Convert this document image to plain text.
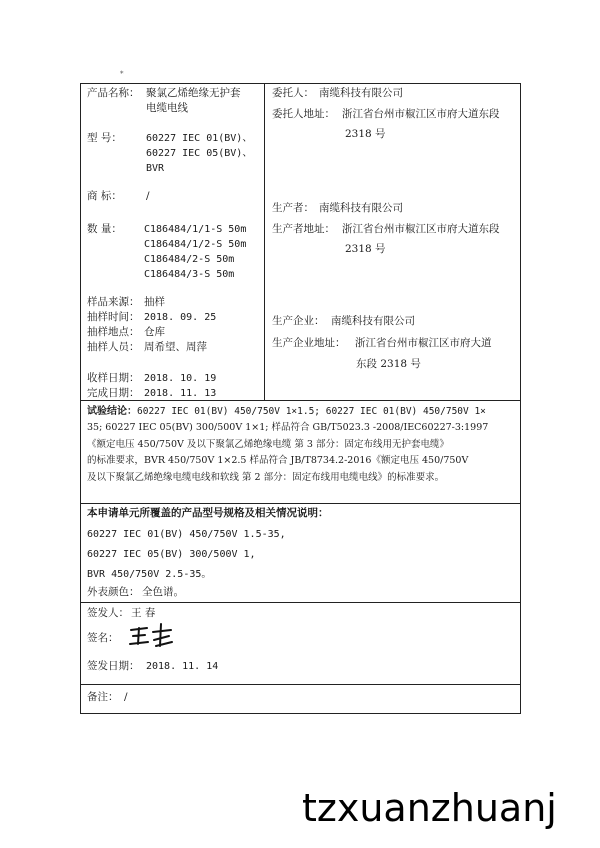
*
产品名称： 聚氯乙烯绝缘无护套
电缆电线
型 号： 60227 IEC 01(BV)、
60227 IEC 05(BV)、
BVR
商 标： /
数 量： C186484/1/1-S 50m
C186484/1/2-S 50m
C186484/2-S 50m
C186484/3-S 50m
样品来源： 抽样
抽样时间： 2018. 09. 25
抽样地点： 仓库
抽样人员： 周希望、周萍
收样日期： 2018. 10. 19
完成日期： 2018. 11. 13
委托人： 南缆科技有限公司
委托人地址： 浙江省台州市椒江区市府大道东段
2318 号
生产者： 南缆科技有限公司
生产者地址： 浙江省台州市椒江区市府大道东段
2318 号
生产企业： 南缆科技有限公司
生产企业地址： 浙江省台州市椒江区市府大道
东段 2318 号
试验结论：60227 IEC 01(BV) 450/750V 1×1.5; 60227 IEC 01(BV) 450/750V 1×
35; 60227 IEC 05(BV) 300/500V 1×1; 样品符合 GB/T5023.3 -2008/IEC60227-3:1997
《额定电压 450/750V 及以下聚氯乙烯绝缘电缆 第 3 部分：固定布线用无护套电缆》
的标准要求，BVR 450/750V 1×2.5 样品符合 JB/T8734.2-2016《额定电压 450/750V
及以下聚氯乙烯绝缘电缆电线和软线 第 2 部分：固定布线用电缆电线》的标准要求。
本申请单元所覆盖的产品型号规格及相关情况说明：
60227 IEC 01(BV) 450/750V 1.5-35,
60227 IEC 05(BV) 300/500V 1,
BVR 450/750V 2.5-35。
外表颜色： 全色谱。
签发人： 王 春
签名：
签发日期： 2018. 11. 14
备注： /
tzxuanzhuanj
